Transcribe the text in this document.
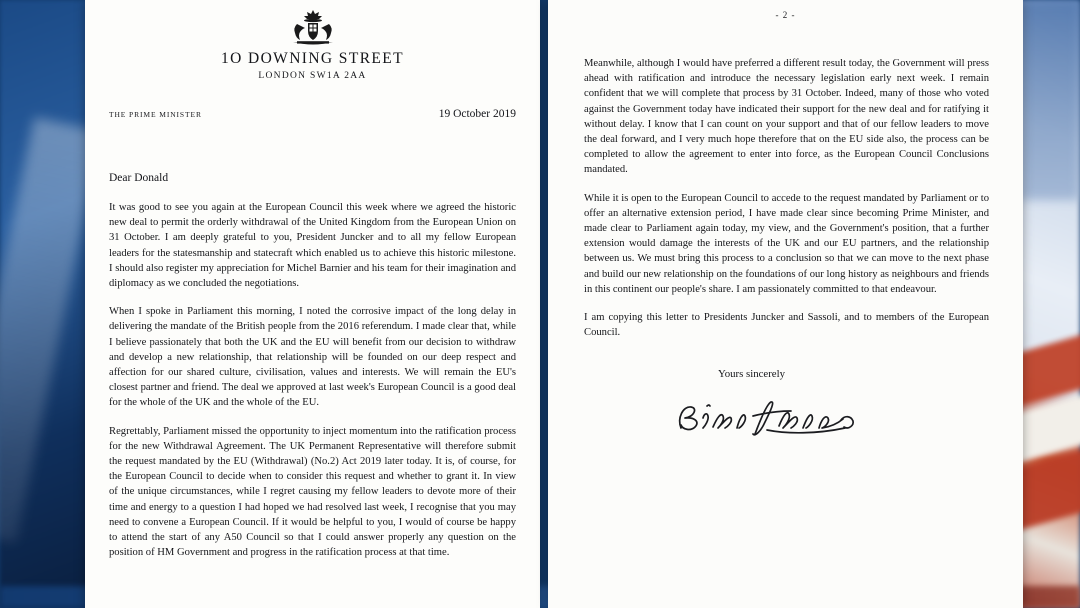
1O DOWNING STREET
LONDON SW1A 2AA
THE PRIME MINISTER	19 October 2019
Dear Donald

It was good to see you again at the European Council this week where we agreed the historic new deal to permit the orderly withdrawal of the United Kingdom from the European Union on 31 October. I am deeply grateful to you, President Juncker and to all my fellow European leaders for the statesmanship and statecraft which enabled us to achieve this historic milestone. I should also register my appreciation for Michel Barnier and his team for their imagination and diplomacy as we concluded the negotiations.

When I spoke in Parliament this morning, I noted the corrosive impact of the long delay in delivering the mandate of the British people from the 2016 referendum. I made clear that, while I believe passionately that both the UK and the EU will benefit from our decision to withdraw and develop a new relationship, that relationship will be founded on our deep respect and affection for our shared culture, civilisation, values and interests. We will remain the EU's closest partner and friend. The deal we approved at last week's European Council is a good deal for the whole of the UK and the whole of the EU.

Regrettably, Parliament missed the opportunity to inject momentum into the ratification process for the new Withdrawal Agreement. The UK Permanent Representative will therefore submit the request mandated by the EU (Withdrawal) (No.2) Act 2019 later today. It is, of course, for the European Council to decide when to consider this request and whether to grant it. In view of the unique circumstances, while I regret causing my fellow leaders to devote more of their time and energy to a question I had hoped we had resolved last week, I recognise that you may need to convene a European Council. If it would be helpful to you, I would of course be happy to attend the start of any A50 Council so that I could answer properly any question on the position of HM Government and progress in the ratification process at that time.

- 2 -

Meanwhile, although I would have preferred a different result today, the Government will press ahead with ratification and introduce the necessary legislation early next week. I remain confident that we will complete that process by 31 October. Indeed, many of those who voted against the Government today have indicated their support for the new deal and for ratifying it without delay. I know that I can count on your support and that of our fellow leaders to move the deal forward, and I very much hope therefore that on the EU side also, the process can be completed to allow the agreement to enter into force, as the European Council Conclusions mandated.

While it is open to the European Council to accede to the request mandated by Parliament or to offer an alternative extension period, I have made clear since becoming Prime Minister, and made clear to Parliament again today, my view, and the Government's position, that a further extension would damage the interests of the UK and our EU partners, and the relationship between us. We must bring this process to a conclusion so that we can move to the next phase and build our new relationship on the foundations of our long history as neighbours and friends in this continent our people's share. I am passionately committed to that endeavour.

I am copying this letter to Presidents Juncker and Sassoli, and to members of the European Council.

Yours sincerely
